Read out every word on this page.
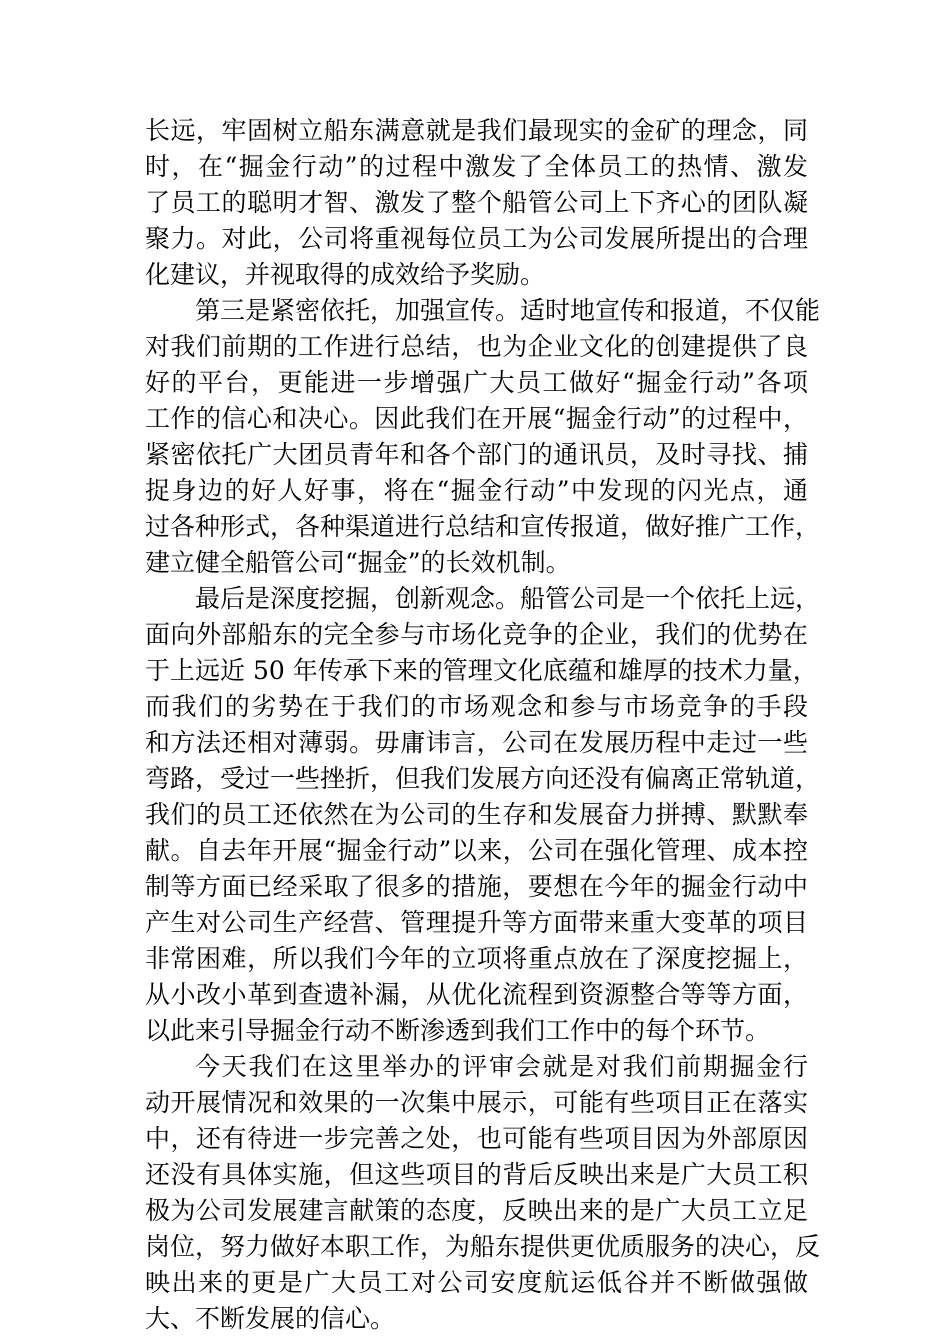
长远，牢固树立船东满意就是我们最现实的金矿的理念，同
时，在“掘金行动”的过程中激发了全体员工的热情、激发
了员工的聪明才智、激发了整个船管公司上下齐心的团队凝
聚力。对此，公司将重视每位员工为公司发展所提出的合理
化建议，并视取得的成效给予奖励。
第三是紧密依托，加强宣传。适时地宣传和报道，不仅能
对我们前期的工作进行总结，也为企业文化的创建提供了良
好的平台，更能进一步增强广大员工做好“掘金行动”各项
工作的信心和决心。因此我们在开展“掘金行动”的过程中，
紧密依托广大团员青年和各个部门的通讯员，及时寻找、捕
捉身边的好人好事，将在“掘金行动”中发现的闪光点，通
过各种形式，各种渠道进行总结和宣传报道，做好推广工作，
建立健全船管公司“掘金”的长效机制。
最后是深度挖掘，创新观念。船管公司是一个依托上远，
面向外部船东的完全参与市场化竞争的企业，我们的优势在
于上远近 50 年传承下来的管理文化底蕴和雄厚的技术力量，
而我们的劣势在于我们的市场观念和参与市场竞争的手段
和方法还相对薄弱。毋庸讳言，公司在发展历程中走过一些
弯路，受过一些挫折，但我们发展方向还没有偏离正常轨道，
我们的员工还依然在为公司的生存和发展奋力拼搏、默默奉
献。自去年开展“掘金行动”以来，公司在强化管理、成本控
制等方面已经采取了很多的措施，要想在今年的掘金行动中
产生对公司生产经营、管理提升等方面带来重大变革的项目
非常困难，所以我们今年的立项将重点放在了深度挖掘上，
从小改小革到查遗补漏，从优化流程到资源整合等等方面，
以此来引导掘金行动不断渗透到我们工作中的每个环节。
今天我们在这里举办的评审会就是对我们前期掘金行
动开展情况和效果的一次集中展示，可能有些项目正在落实
中，还有待进一步完善之处，也可能有些项目因为外部原因
还没有具体实施，但这些项目的背后反映出来是广大员工积
极为公司发展建言献策的态度，反映出来的是广大员工立足
岗位，努力做好本职工作，为船东提供更优质服务的决心，反
映出来的更是广大员工对公司安度航运低谷并不断做强做
大、不断发展的信心。
